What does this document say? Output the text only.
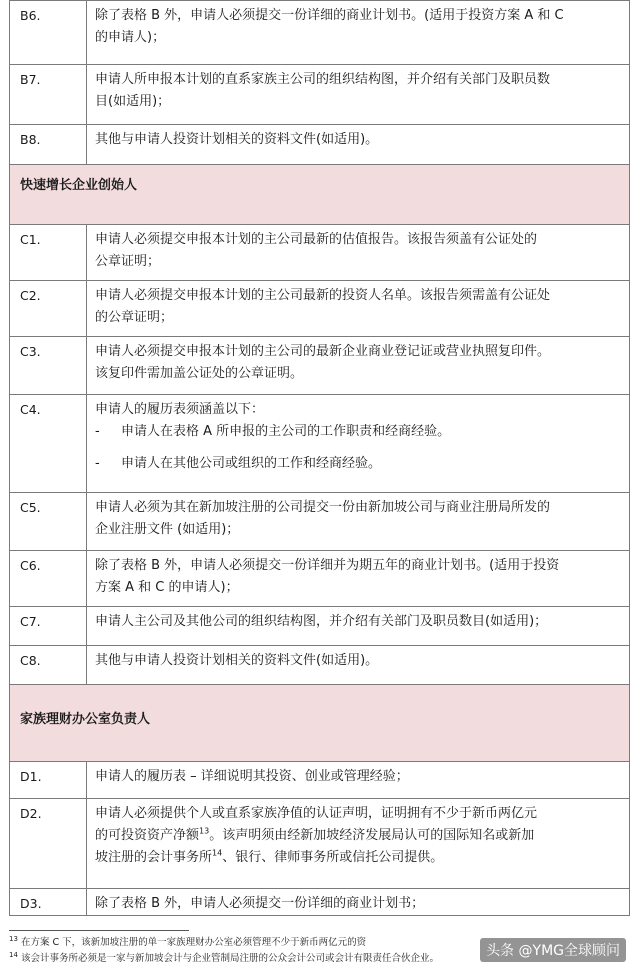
B6.	除了表格 B 外，申请人必须提交一份详细的商业计划书。(适用于投资方案 A 和 C
的申请人)；

B7.	申请人所申报本计划的直系家族主公司的组织结构图，并介绍有关部门及职员数
目(如适用)；

B8.	其他与申请人投资计划相关的资料文件(如适用)。
快速增长企业创始人	
C1.	申请人必须提交申报本计划的主公司最新的估值报告。该报告须盖有公证处的
公章证明；

C2.	申请人必须提交申报本计划的主公司最新的投资人名单。该报告须需盖有公证处
的公章证明；

C3.	申请人必须提交申报本计划的主公司的最新企业商业登记证或营业执照复印件。
该复印件需加盖公证处的公章证明。

C4.	申请人的履历表须涵盖以下：
- 申请人在表格 A 所申报的主公司的工作职责和经商经验。
- 申请人在其他公司或组织的工作和经商经验。

C5.	申请人必须为其在新加坡注册的公司提交一份由新加坡公司与商业注册局所发的
企业注册文件 (如适用)；

C6.	除了表格 B 外，申请人必须提交一份详细并为期五年的商业计划书。(适用于投资
方案 A 和 C 的申请人)；

C7.	申请人主公司及其他公司的组织结构图，并介绍有关部门及职员数目(如适用)；
C8.	其他与申请人投资计划相关的资料文件(如适用)。
家族理财办公室负责人	
D1.	申请人的履历表 – 详细说明其投资、创业或管理经验；
D2.	申请人必须提供个人或直系家族净值的认证声明，证明拥有不少于新币两亿元
的可投资资产净额$^{13}$。该声明须由经新加坡经济发展局认可的国际知名或新加
坡注册的会计事务所$^{14}$、银行、律师事务所或信托公司提供。

D3.	除了表格 B 外，申请人必须提交一份详细的商业计划书；
$^{13}$ 在方案 C 下，该新加坡注册的单一家族理财办公室必须管理不少于新币两亿元的资
$^{14}$ 该会计事务所必须是一家与新加坡会计与企业管制局注册的公众会计公司或会计有限责任合伙企业。	头条 @YMG全球顾问
